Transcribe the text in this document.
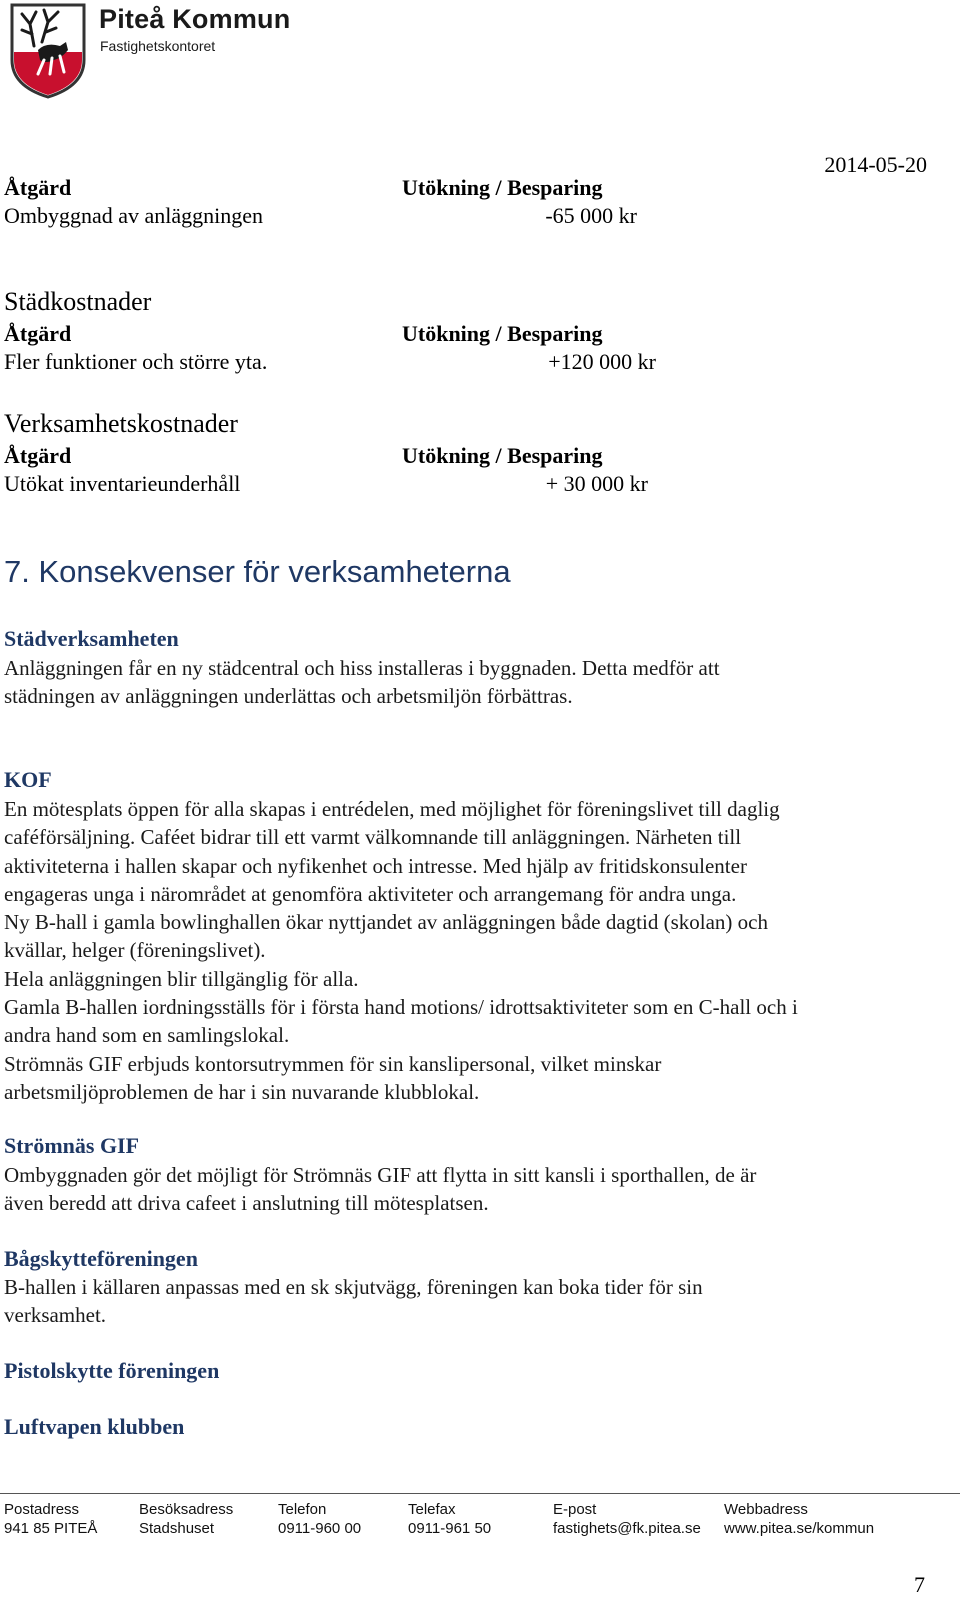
Piteå Kommun
Fastighetskontoret
2014-05-20
Åtgärd	Utökning / Besparing
Ombyggnad av anläggningen	-65 000 kr
Städkostnader
Åtgärd	Utökning / Besparing
Fler funktioner och större yta.	+120 000 kr
Verksamhetskostnader
Åtgärd	Utökning / Besparing
Utökat inventarieunderhåll	+ 30 000 kr
7. Konsekvenser för verksamheterna
Städverksamheten
Anläggningen får en ny städcentral och hiss installeras i byggnaden. Detta medför att
städningen av anläggningen underlättas och arbetsmiljön förbättras.
KOF
En mötesplats öppen för alla skapas i entrédelen, med möjlighet för föreningslivet till daglig
caféförsäljning. Caféet bidrar till ett varmt välkomnande till anläggningen. Närheten till
aktiviteterna i hallen skapar och nyfikenhet och intresse. Med hjälp av fritidskonsulenter
engageras unga i närområdet at genomföra aktiviteter och arrangemang för andra unga.
Ny B-hall i gamla bowlinghallen ökar nyttjandet av anläggningen både dagtid (skolan) och
kvällar, helger (föreningslivet).
Hela anläggningen blir tillgänglig för alla.
Gamla B-hallen iordningsställs för i första hand motions/ idrottsaktiviteter som en C-hall och i
andra hand som en samlingslokal.
Strömnäs GIF erbjuds kontorsutrymmen för sin kanslipersonal, vilket minskar
arbetsmiljöproblemen de har i sin nuvarande klubblokal.
Strömnäs GIF
Ombyggnaden gör det möjligt för Strömnäs GIF att flytta in sitt kansli i sporthallen, de är
även beredd att driva cafeet i anslutning till mötesplatsen.
Bågskytteföreningen
B-hallen i källaren anpassas med en sk skjutvägg, föreningen kan boka tider för sin
verksamhet.
Pistolskytte föreningen
Luftvapen klubben
Postadress
941 85 PITEÅ
Besöksadress
Stadshuset
Telefon
0911-960 00
Telefax
0911-961 50
E-post
fastighets@fk.pitea.se
Webbadress
www.pitea.se/kommun
7
